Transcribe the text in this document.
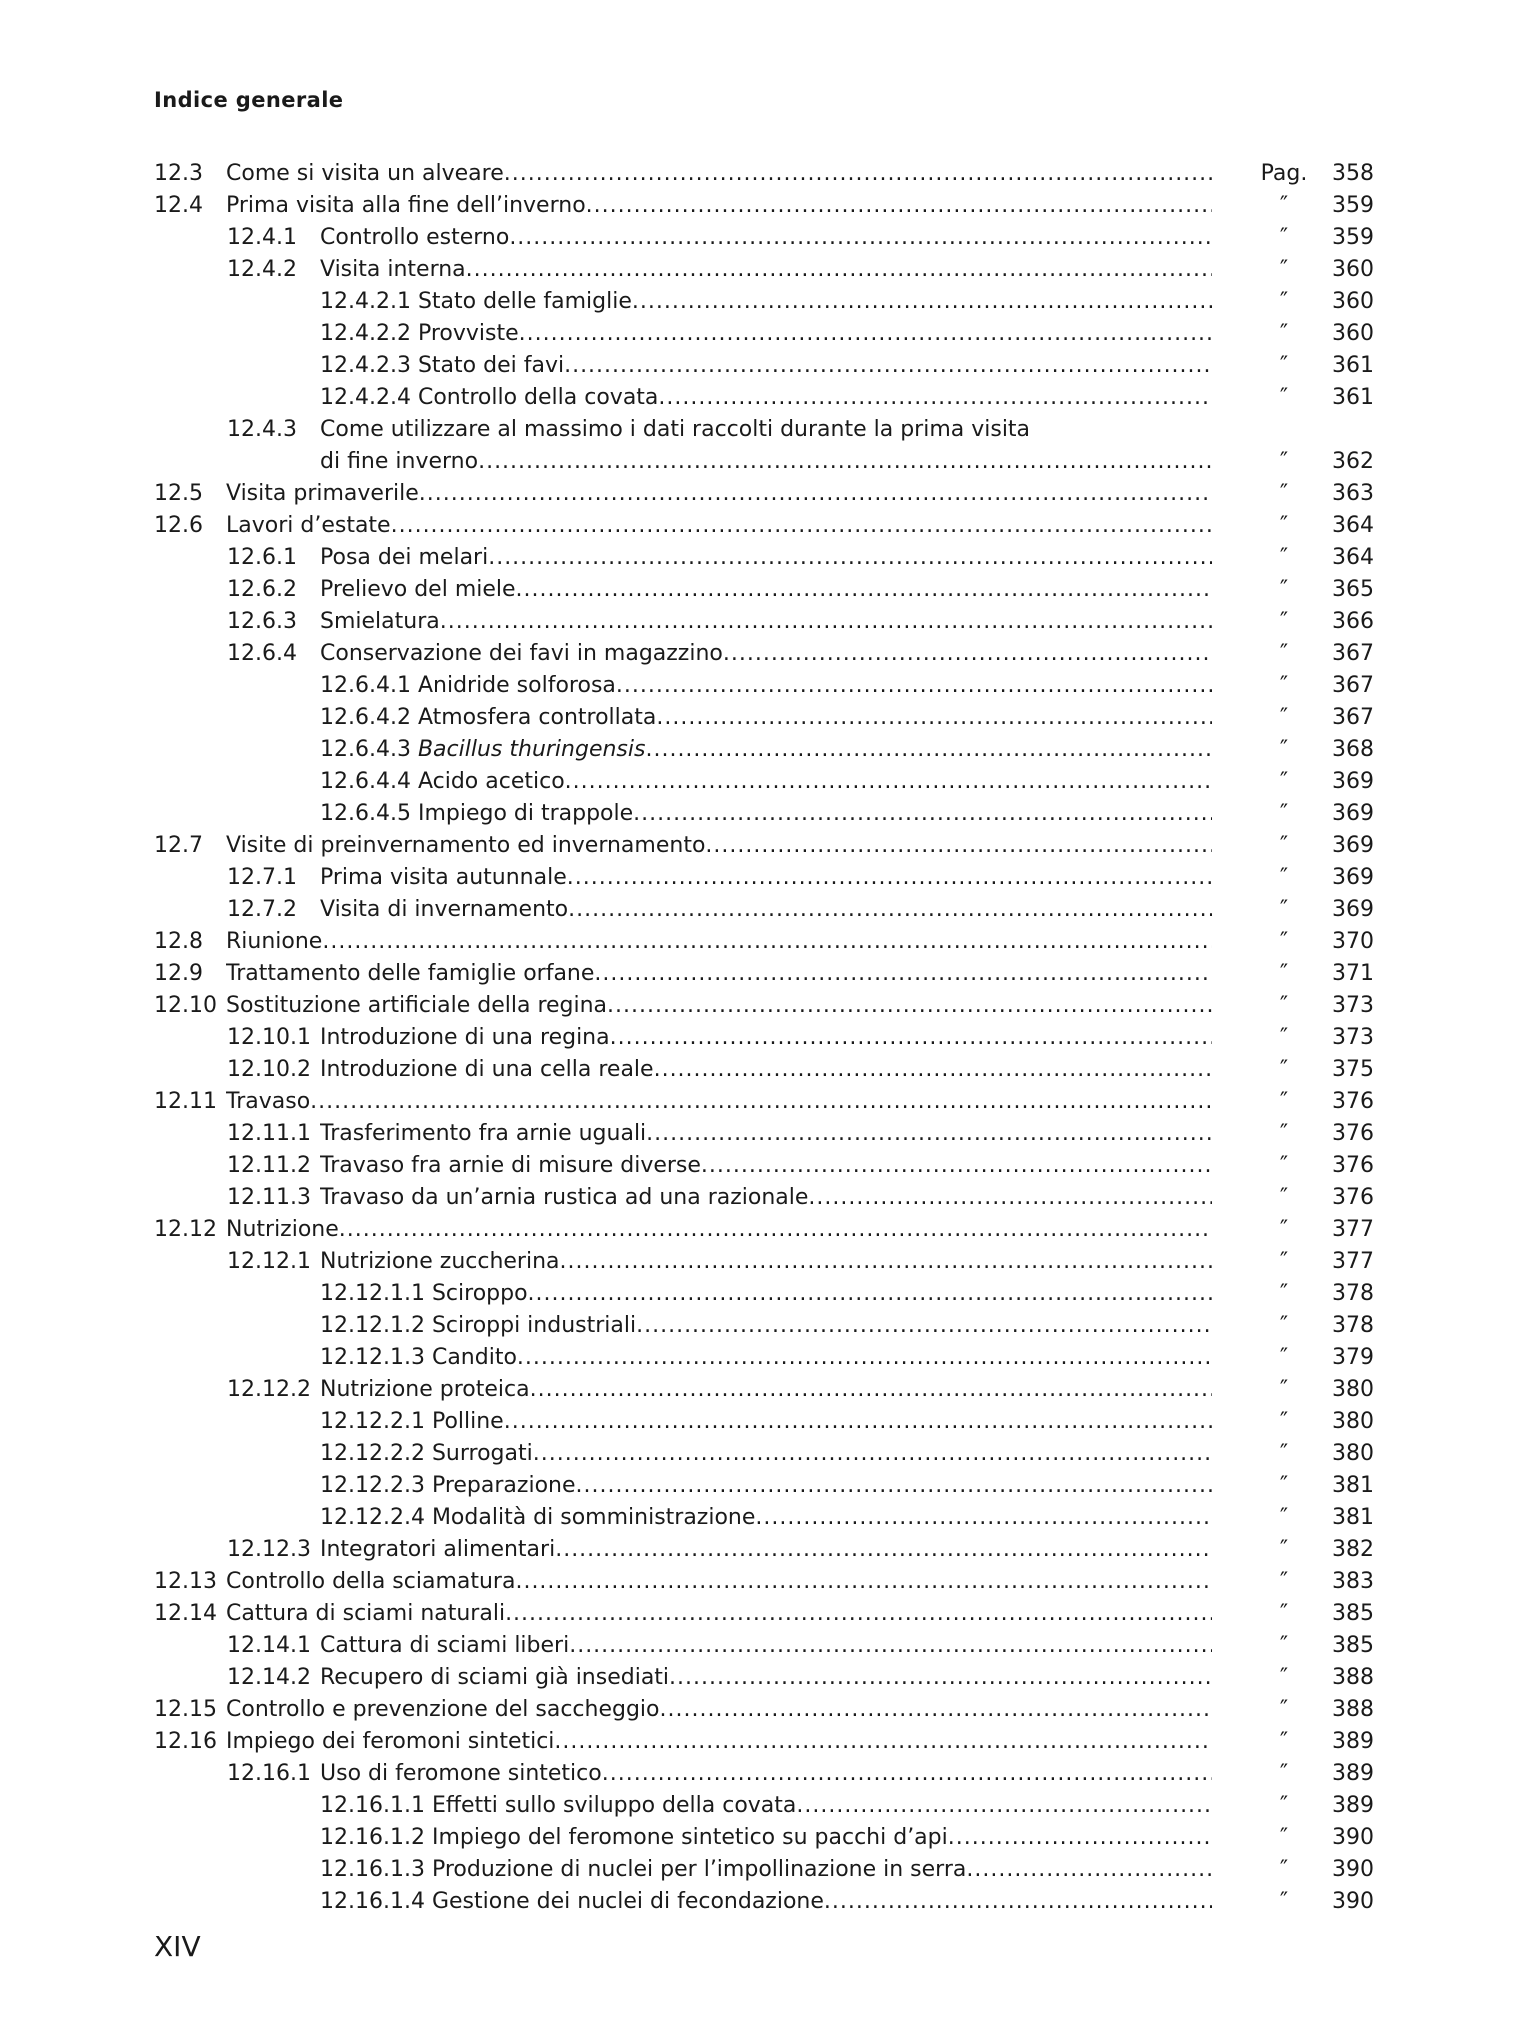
Indice generale
12.3 Come si visita un alveare .....	Pag.	358
12.4 Prima visita alla fine dell’inverno .....	″	359
12.4.1 Controllo esterno .....	″	359
12.4.2 Visita interna .....	″	360
12.4.2.1 Stato delle famiglie .....	″	360
12.4.2.2 Provviste .....	″	360
12.4.2.3 Stato dei favi .....	″	361
12.4.2.4 Controllo della covata .....	″	361
12.4.3 Come utilizzare al massimo i dati raccolti durante la prima visita
di fine inverno .....	″	362
12.5 Visita primaverile .....	″	363
12.6 Lavori d’estate .....	″	364
12.6.1 Posa dei melari .....	″	364
12.6.2 Prelievo del miele .....	″	365
12.6.3 Smielatura .....	″	366
12.6.4 Conservazione dei favi in magazzino .....	″	367
12.6.4.1 Anidride solforosa .....	″	367
12.6.4.2 Atmosfera controllata .....	″	367
12.6.4.3 Bacillus thuringensis .....	″	368
12.6.4.4 Acido acetico .....	″	369
12.6.4.5 Impiego di trappole .....	″	369
12.7 Visite di preinvernamento ed invernamento .....	″	369
12.7.1 Prima visita autunnale .....	″	369
12.7.2 Visita di invernamento .....	″	369
12.8 Riunione .....	″	370
12.9 Trattamento delle famiglie orfane .....	″	371
12.10 Sostituzione artificiale della regina .....	″	373
12.10.1 Introduzione di una regina .....	″	373
12.10.2 Introduzione di una cella reale .....	″	375
12.11 Travaso .....	″	376
12.11.1 Trasferimento fra arnie uguali .....	″	376
12.11.2 Travaso fra arnie di misure diverse .....	″	376
12.11.3 Travaso da un’arnia rustica ad una razionale .....	″	376
12.12 Nutrizione .....	″	377
12.12.1 Nutrizione zuccherina .....	″	377
12.12.1.1 Sciroppo .....	″	378
12.12.1.2 Sciroppi industriali .....	″	378
12.12.1.3 Candito .....	″	379
12.12.2 Nutrizione proteica .....	″	380
12.12.2.1 Polline .....	″	380
12.12.2.2 Surrogati .....	″	380
12.12.2.3 Preparazione .....	″	381
12.12.2.4 Modalità di somministrazione .....	″	381
12.12.3 Integratori alimentari .....	″	382
12.13 Controllo della sciamatura .....	″	383
12.14 Cattura di sciami naturali .....	″	385
12.14.1 Cattura di sciami liberi .....	″	385
12.14.2 Recupero di sciami già insediati .....	″	388
12.15 Controllo e prevenzione del saccheggio .....	″	388
12.16 Impiego dei feromoni sintetici .....	″	389
12.16.1 Uso di feromone sintetico .....	″	389
12.16.1.1 Effetti sullo sviluppo della covata .....	″	389
12.16.1.2 Impiego del feromone sintetico su pacchi d’api .....	″	390
12.16.1.3 Produzione di nuclei per l’impollinazione in serra .....	″	390
12.16.1.4 Gestione dei nuclei di fecondazione .....	″	390
XIV
